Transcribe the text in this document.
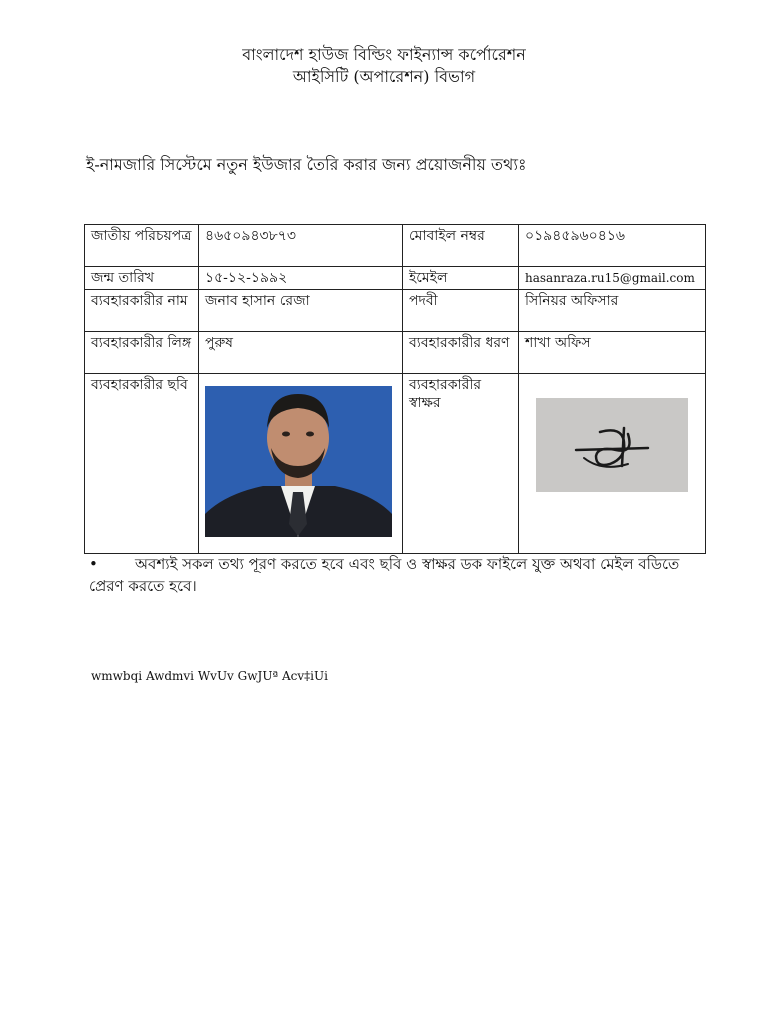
বাংলাদেশ হাউজ বিল্ডিং ফাইন্যান্স কর্পোরেশন
আইসিটি (অপারেশন) বিভাগ
ই-নামজারি সিস্টেমে নতুন ইউজার তৈরি করার জন্য প্রয়োজনীয় তথ্যঃ
জাতীয় পরিচয়পত্র	৪৬৫০৯৪৩৮৭৩	মোবাইল নম্বর	০১৯৪৫৯৬০৪১৬
জন্ম তারিখ	১৫-১২-১৯৯২	ইমেইল	hasanraza.ru15@gmail.com
ব্যবহারকারীর নাম	জনাব হাসান রেজা	পদবী	সিনিয়র অফিসার
ব্যবহারকারীর লিঙ্গ	পুরুষ	ব্যবহারকারীর ধরণ	শাখা অফিস
ব্যবহারকারীর ছবি		ব্যবহারকারীর স্বাক্ষর	
• অবশ্যই সকল তথ্য পূরণ করতে হবে এবং ছবি ও স্বাক্ষর ডক ফাইলে যুক্ত অথবা মেইল বডিতে প্রেরণ করতে হবে।
wmwbqi Awdmvi WvUv GwJUª Acv‡iUi
